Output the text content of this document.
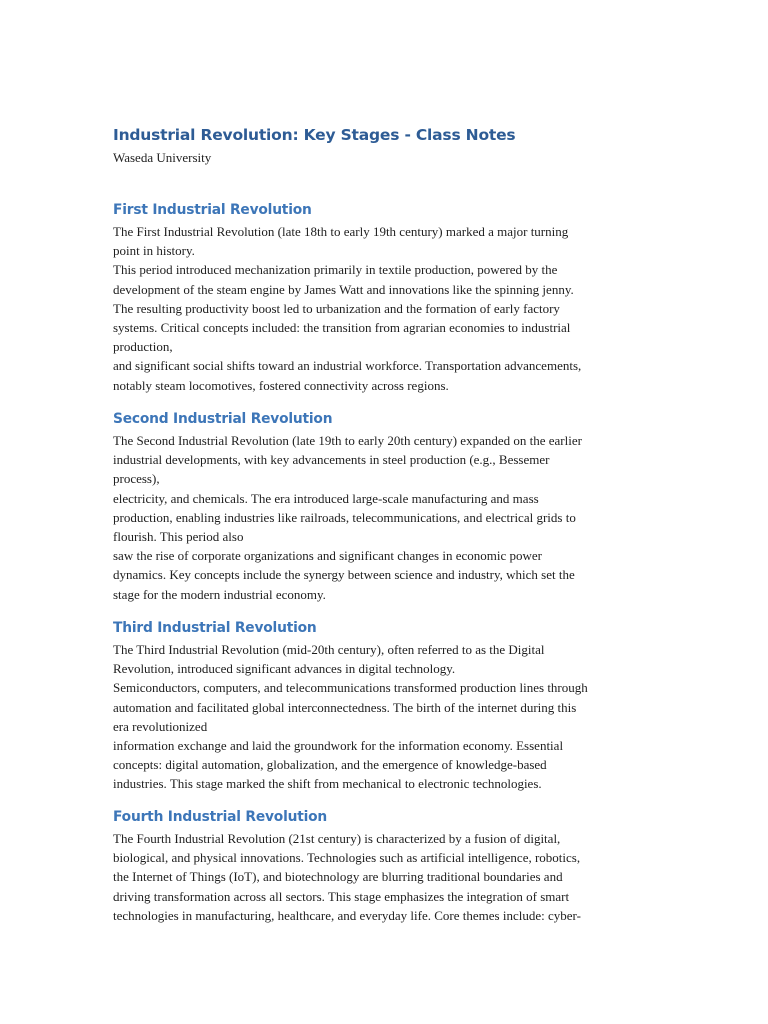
Industrial Revolution: Key Stages - Class Notes
Waseda University
First Industrial Revolution

The First Industrial Revolution (late 18th to early 19th century) marked a major turning
point in history.
This period introduced mechanization primarily in textile production, powered by the
development of the steam engine by James Watt and innovations like the spinning jenny.
The resulting productivity boost led to urbanization and the formation of early factory
systems. Critical concepts included: the transition from agrarian economies to industrial
production,
and significant social shifts toward an industrial workforce. Transportation advancements,
notably steam locomotives, fostered connectivity across regions.

Second Industrial Revolution

The Second Industrial Revolution (late 19th to early 20th century) expanded on the earlier
industrial developments, with key advancements in steel production (e.g., Bessemer
process),
electricity, and chemicals. The era introduced large-scale manufacturing and mass
production, enabling industries like railroads, telecommunications, and electrical grids to
flourish. This period also
saw the rise of corporate organizations and significant changes in economic power
dynamics. Key concepts include the synergy between science and industry, which set the
stage for the modern industrial economy.

Third Industrial Revolution

The Third Industrial Revolution (mid-20th century), often referred to as the Digital
Revolution, introduced significant advances in digital technology.
Semiconductors, computers, and telecommunications transformed production lines through
automation and facilitated global interconnectedness. The birth of the internet during this
era revolutionized
information exchange and laid the groundwork for the information economy. Essential
concepts: digital automation, globalization, and the emergence of knowledge-based
industries. This stage marked the shift from mechanical to electronic technologies.

Fourth Industrial Revolution

The Fourth Industrial Revolution (21st century) is characterized by a fusion of digital,
biological, and physical innovations. Technologies such as artificial intelligence, robotics,
the Internet of Things (IoT), and biotechnology are blurring traditional boundaries and
driving transformation across all sectors. This stage emphasizes the integration of smart
technologies in manufacturing, healthcare, and everyday life. Core themes include: cyber-
